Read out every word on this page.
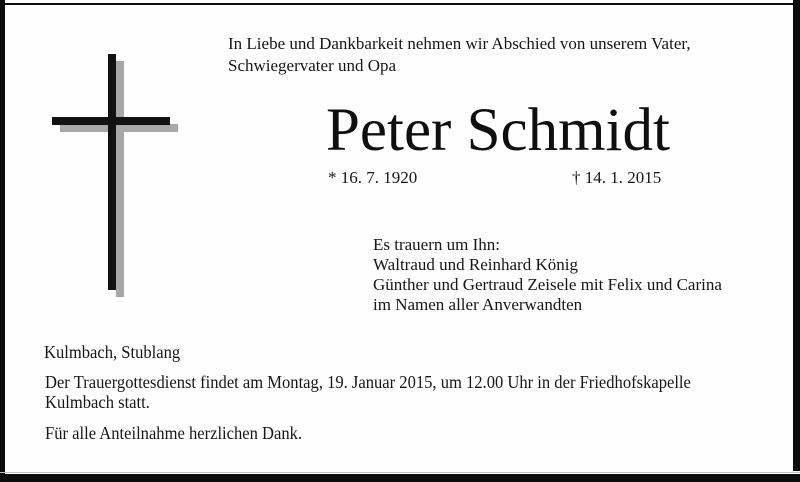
In Liebe und Dankbarkeit nehmen wir Abschied von unserem Vater,
Schwiegervater und Opa
Peter Schmidt
* 16. 7. 1920	† 14. 1. 2015
Es trauern um Ihn:
Waltraud und Reinhard König
Günther und Gertraud Zeisele mit Felix und Carina
im Namen aller Anverwandten
Kulmbach, Stublang
Der Trauergottesdienst findet am Montag, 19. Januar 2015, um 12.00 Uhr in der Friedhofskapelle
Kulmbach statt.
Für alle Anteilnahme herzlichen Dank.
